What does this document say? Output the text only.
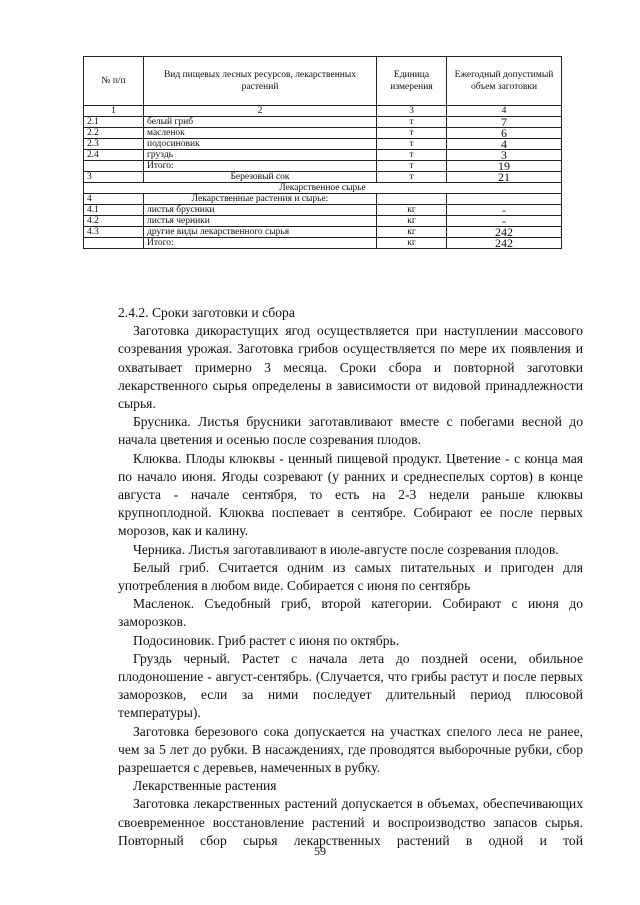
№ п/п	Вид пищевых лесных ресурсов, лекарственных растений	Единица измерения	Ежегодный допустимый объем заготовки
1	2	3	4
2.1	белый гриб	т	7
2.2	масленок	т	6
2.3	подосиновик	т	4
2.4	груздь	т	3
	Итого:	т	19
3	Березовый сок	т	21
Лекарственное сырье			
4	Лекарственные растения и сырье:		
4.1	листья брусники	кг	-
4.2	листья черники	кг	-
4.3	другие виды лекарственного сырья	кг	242
	Итого:	кг	242

2.4.2. Сроки заготовки и сбора

Заготовка дикорастущих ягод осуществляется при наступлении массового созревания урожая. Заготовка грибов осуществляется по мере их появления и охватывает примерно 3 месяца. Сроки сбора и повторной заготовки лекарственного сырья определены в зависимости от видовой принадлежности сырья.

Брусника. Листья брусники заготавливают вместе с побегами весной до начала цветения и осенью после созревания плодов.

Клюква. Плоды клюквы - ценный пищевой продукт. Цветение - с конца мая по начало июня. Ягоды созревают (у ранних и среднеспелых сортов) в конце августа - начале сентября, то есть на 2-3 недели раньше клюквы крупноплодной. Клюква поспевает в сентябре. Собирают ее после первых морозов, как и калину.

Черника. Листья заготавливают в июле-августе после созревания плодов.

Белый гриб. Считается одним из самых питательных и пригоден для употребления в любом виде. Собирается с июня по сентябрь

Масленок. Съедобный гриб, второй категории. Собирают с июня до заморозков.

Подосиновик. Гриб растет с июня по октябрь.

Груздь черный. Растет с начала лета до поздней осени, обильное плодоношение - август-сентябрь. (Случается, что грибы растут и после первых заморозков, если за ними последует длительный период плюсовой температуры).

Заготовка березового сока допускается на участках спелого леса не ранее, чем за 5 лет до рубки. В насаждениях, где проводятся выборочные рубки, сбор разрешается с деревьев, намеченных в рубку.

Лекарственные растения

Заготовка лекарственных растений допускается в объемах, обеспечивающих своевременное восстановление растений и воспроизводство запасов сырья. Повторный сбор сырья лекарственных растений в одной и той

59
